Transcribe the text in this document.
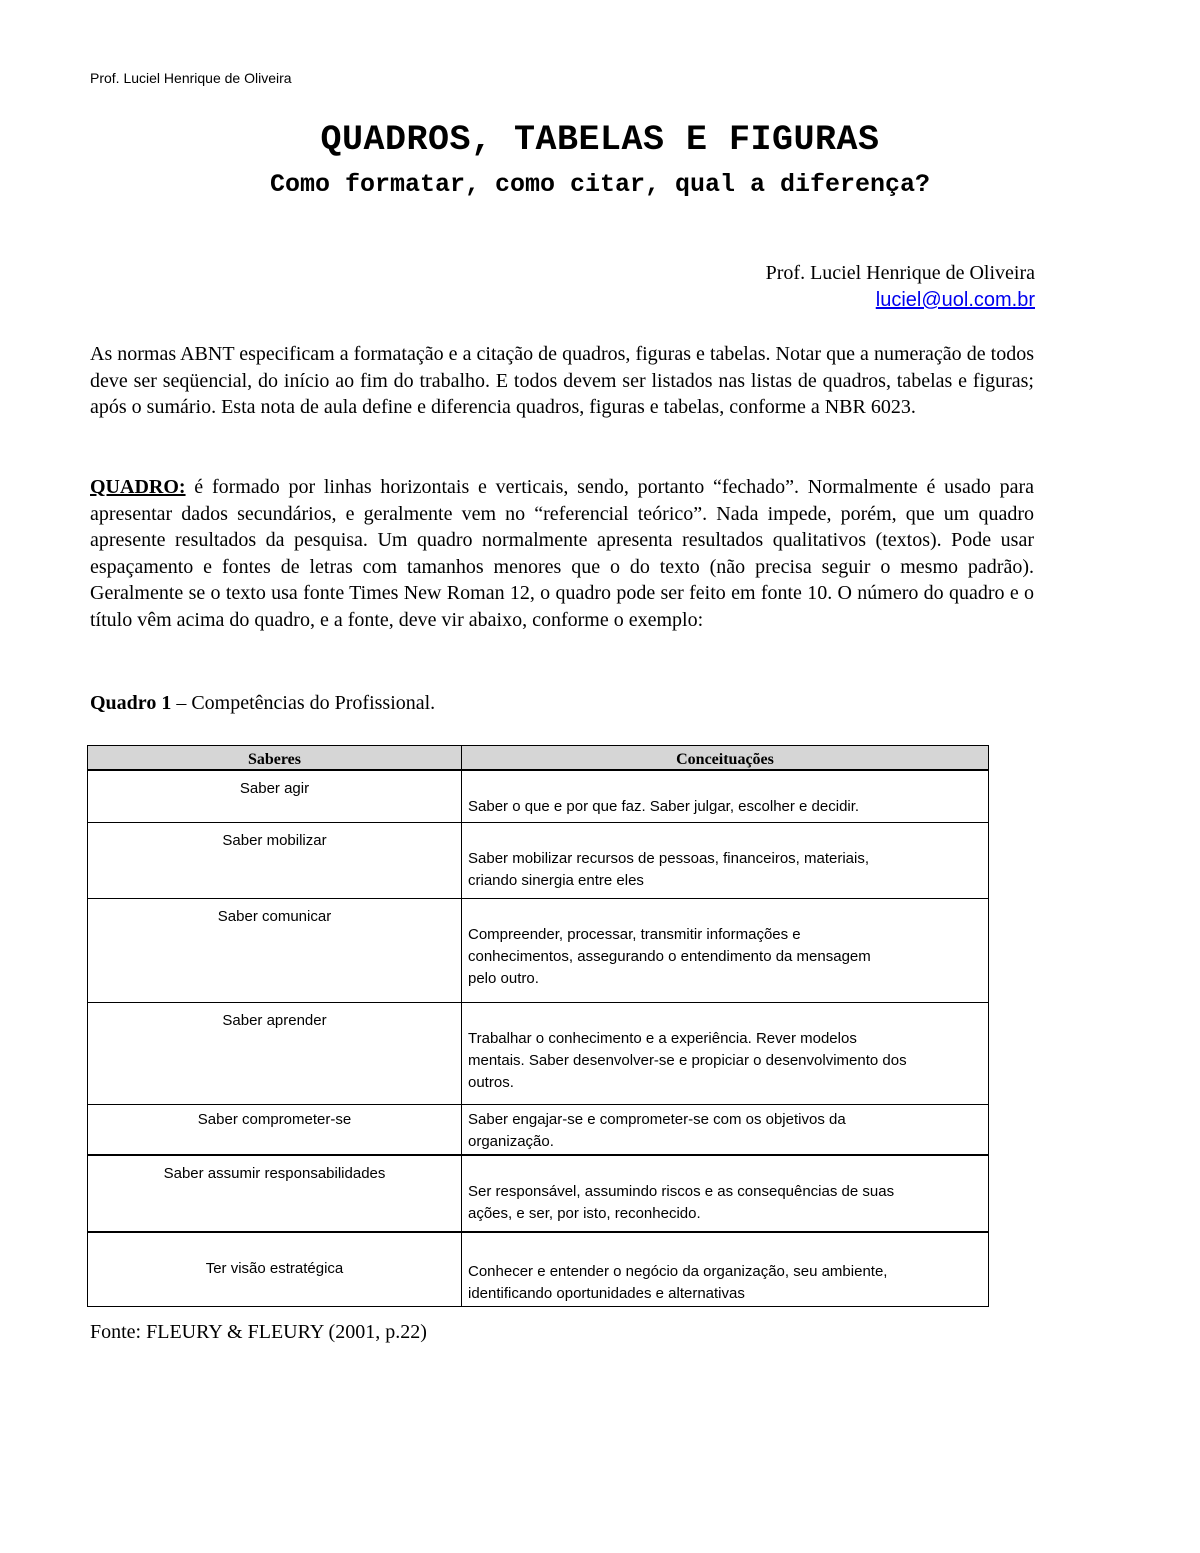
Prof. Luciel Henrique de Oliveira
QUADROS, TABELAS E FIGURAS
Como formatar, como citar, qual a diferença?
Prof. Luciel Henrique de Oliveira
luciel@uol.com.br

As normas ABNT especificam a formatação e a citação de quadros, figuras e tabelas. Notar que a numeração de todos deve ser seqüencial, do início ao fim do trabalho. E todos devem ser listados nas listas de quadros, tabelas e figuras; após o sumário. Esta nota de aula define e diferencia quadros, figuras e tabelas, conforme a NBR 6023.

QUADRO: é formado por linhas horizontais e verticais, sendo, portanto “fechado”. Normalmente é usado para apresentar dados secundários, e geralmente vem no “referencial teórico”. Nada impede, porém, que um quadro apresente resultados da pesquisa. Um quadro normalmente apresenta resultados qualitativos (textos). Pode usar espaçamento e fontes de letras com tamanhos menores que o do texto (não precisa seguir o mesmo padrão). Geralmente se o texto usa fonte Times New Roman 12, o quadro pode ser feito em fonte 10. O número do quadro e o título vêm acima do quadro, e a fonte, deve vir abaixo, conforme o exemplo:

Quadro 1 – Competências do Profissional.
Saberes	Conceituações
Saber agir	Saber o que e por que faz. Saber julgar, escolher e decidir.

Saber mobilizar	Saber mobilizar recursos de pessoas, financeiros, materiais,
criando sinergia entre eles

Saber comunicar	Compreender, processar, transmitir informações e
conhecimentos, assegurando o entendimento da mensagem
pelo outro.

Saber aprender	Trabalhar o conhecimento e a experiência. Rever modelos
mentais. Saber desenvolver-se e propiciar o desenvolvimento dos
outros.

Saber comprometer-se	Saber engajar-se e comprometer-se com os objetivos da
organização.

Saber assumir responsabilidades	Ser responsável, assumindo riscos e as consequências de suas
ações, e ser, por isto, reconhecido.

Ter visão estratégica	Conhecer e entender o negócio da organização, seu ambiente,
identificando oportunidades e alternativas
Fonte: FLEURY & FLEURY (2001, p.22)
